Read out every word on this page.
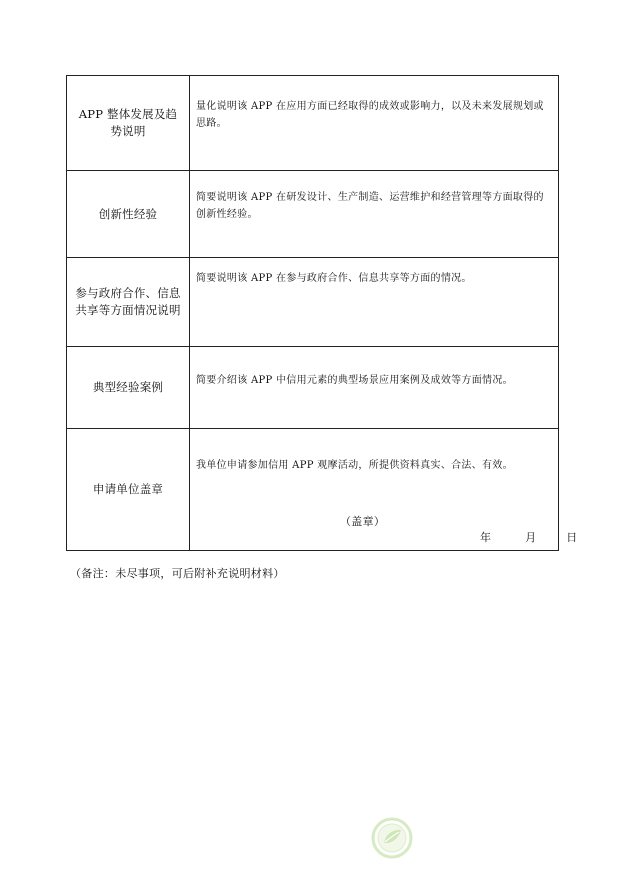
APP 整体发展及趋势说明	量化说明该 APP 在应用方面已经取得的成效或影响力，以及未来发展规划或思路。

创新性经验	简要说明该 APP 在研发设计、生产制造、运营维护和经营管理等方面取得的创新性经验。

参与政府合作、信息共享等方面情况说明	简要说明该 APP 在参与政府合作、信息共享等方面的情况。

典型经验案例	简要介绍该 APP 中信用元素的典型场景应用案例及成效等方面情况。

申请单位盖章	我单位申请参加信用 APP 观摩活动，所提供资料真实、合法、有效。
（盖章）
年 月 日
（备注：未尽事项，可后附补充说明材料）
